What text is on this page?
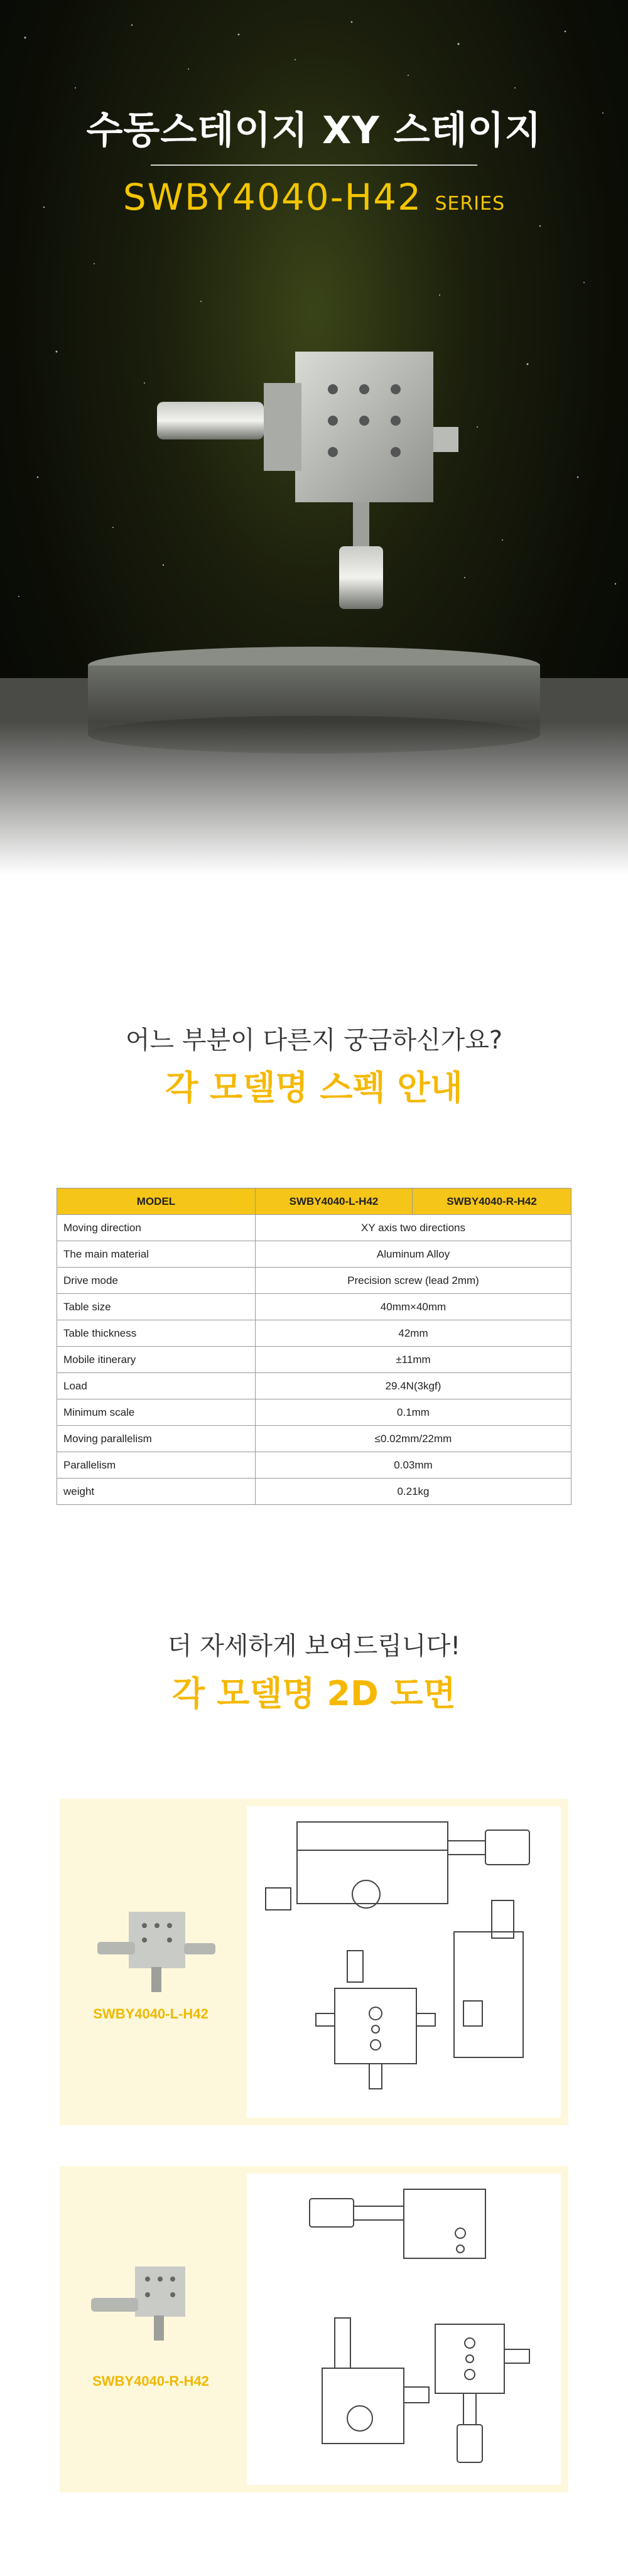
수동스테이지 XY 스테이지
SWBY4040-H42 SERIES
어느 부분이 다른지 궁금하신가요?
각 모델명 스펙 안내
MODEL	SWBY4040-L-H42	SWBY4040-R-H42
Moving direction	XY axis two directions	
The main material	Aluminum Alloy	
Drive mode	Precision screw (lead 2mm)	
Table size	40mm×40mm	
Table thickness	42mm	
Mobile itinerary	±11mm	
Load	29.4N(3kgf)	
Minimum scale	0.1mm	
Moving parallelism	≤0.02mm/22mm	
Parallelism	0.03mm	
weight	0.21kg	
더 자세하게 보여드립니다!
각 모델명 2D 도면
SWBY4040-L-H42
SWBY4040-R-H42
